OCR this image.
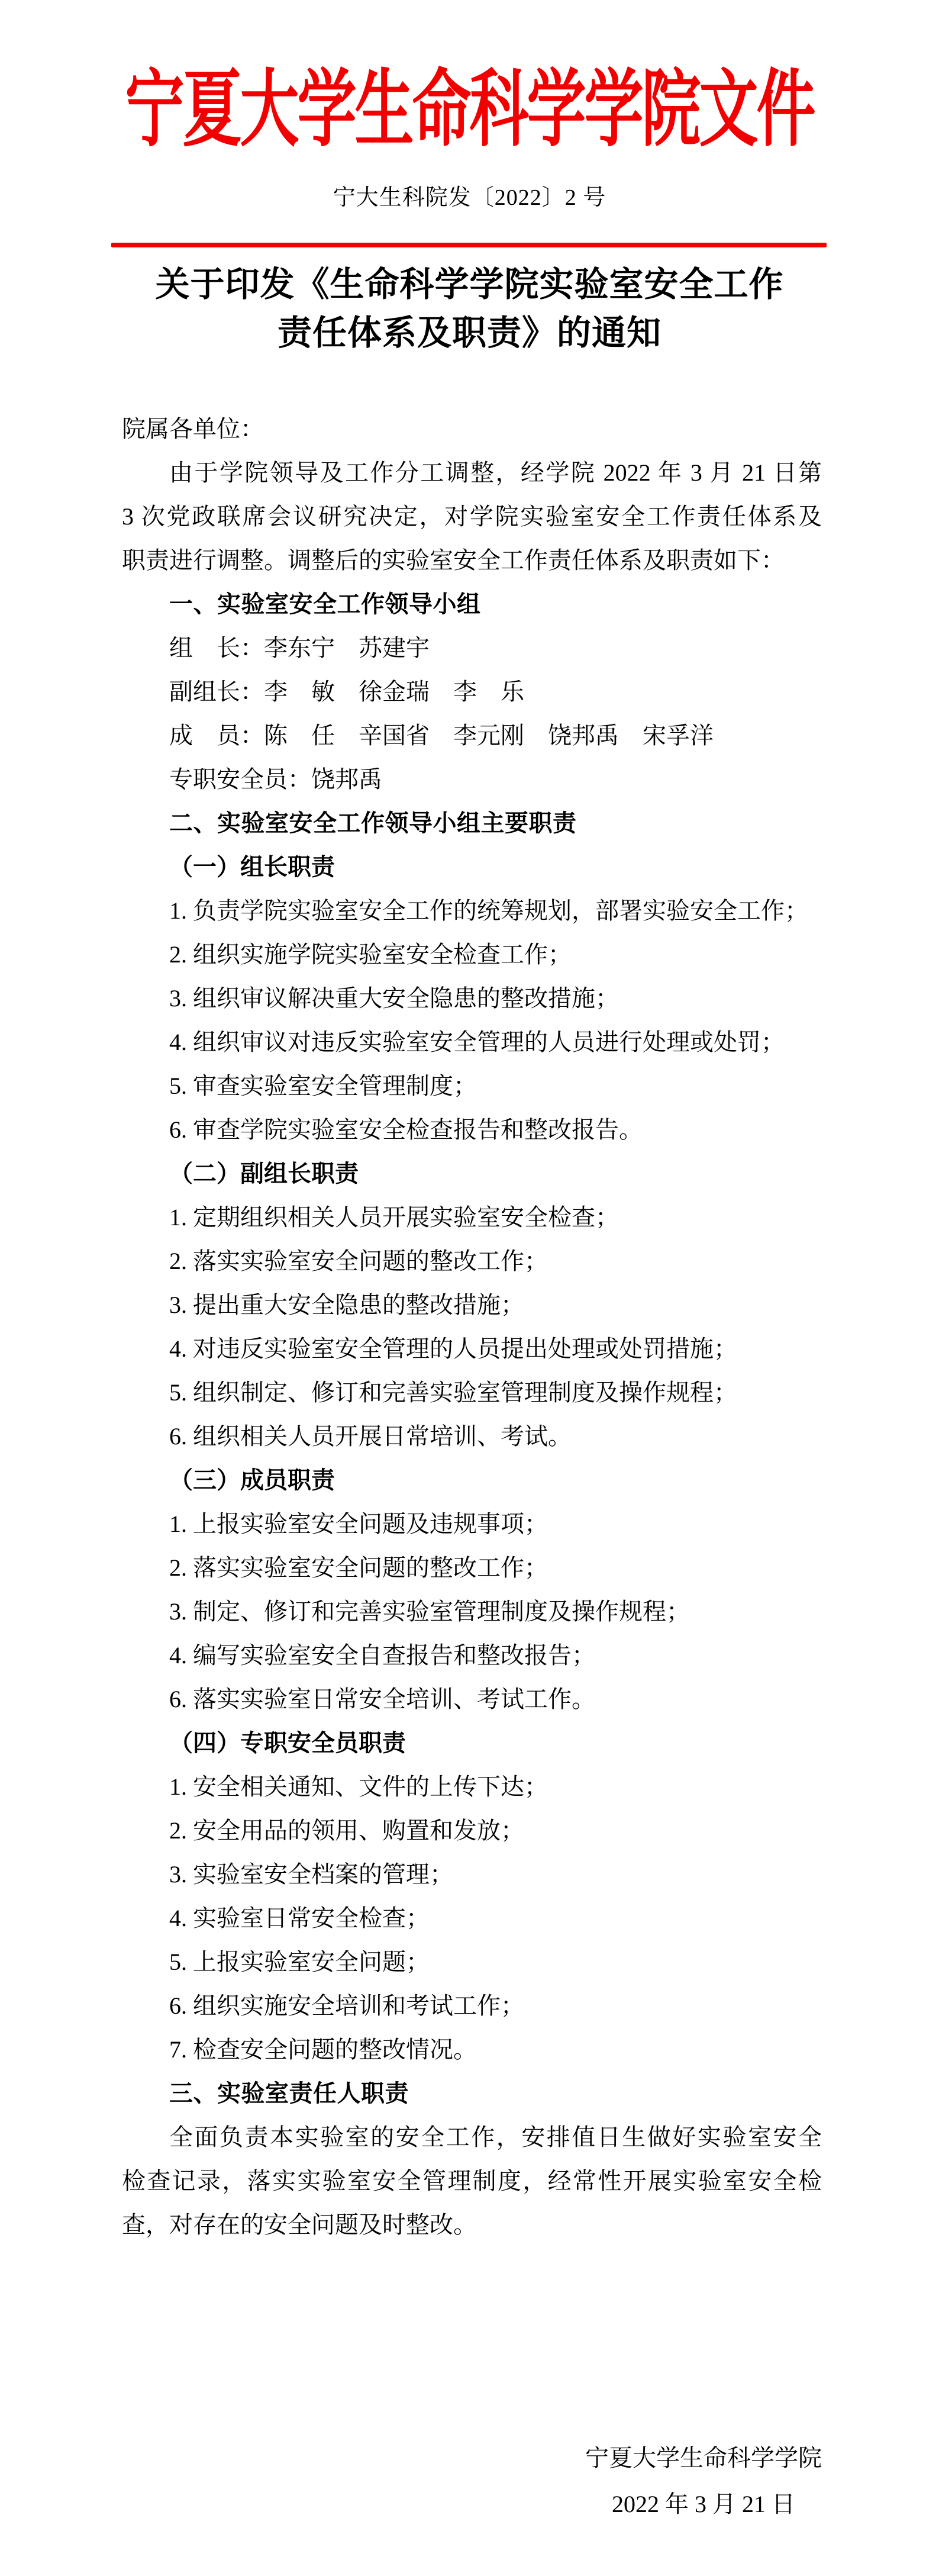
宁夏大学生命科学学院文件
宁大生科院发〔2022〕2 号
关于印发《生命科学学院实验室安全工作
责任体系及职责》的通知
院属各单位：
由于学院领导及工作分工调整，经学院 2022 年 3 月 21 日第
3 次党政联席会议研究决定，对学院实验室安全工作责任体系及
职责进行调整。调整后的实验室安全工作责任体系及职责如下：
一、实验室安全工作领导小组
组　长：李东宁　苏建宇
副组长：李　敏　徐金瑞　李　乐
成　员：陈　任　辛国省　李元刚　饶邦禹　宋孚洋
专职安全员：饶邦禹
二、实验室安全工作领导小组主要职责
（一）组长职责
1. 负责学院实验室安全工作的统筹规划，部署实验安全工作；
2. 组织实施学院实验室安全检查工作；
3. 组织审议解决重大安全隐患的整改措施；
4. 组织审议对违反实验室安全管理的人员进行处理或处罚；
5. 审查实验室安全管理制度；
6. 审查学院实验室安全检查报告和整改报告。
（二）副组长职责
1. 定期组织相关人员开展实验室安全检查；
2. 落实实验室安全问题的整改工作；
3. 提出重大安全隐患的整改措施；
4. 对违反实验室安全管理的人员提出处理或处罚措施；
5. 组织制定、修订和完善实验室管理制度及操作规程；
6. 组织相关人员开展日常培训、考试。
（三）成员职责
1. 上报实验室安全问题及违规事项；
2. 落实实验室安全问题的整改工作；
3. 制定、修订和完善实验室管理制度及操作规程；
4. 编写实验室安全自查报告和整改报告；
6. 落实实验室日常安全培训、考试工作。
（四）专职安全员职责
1. 安全相关通知、文件的上传下达；
2. 安全用品的领用、购置和发放；
3. 实验室安全档案的管理；
4. 实验室日常安全检查；
5. 上报实验室安全问题；
6. 组织实施安全培训和考试工作；
7. 检查安全问题的整改情况。
三、实验室责任人职责
全面负责本实验室的安全工作，安排值日生做好实验室安全
检查记录，落实实验室安全管理制度，经常性开展实验室安全检
查，对存在的安全问题及时整改。
宁夏大学生命科学学院
2022 年 3 月 21 日
